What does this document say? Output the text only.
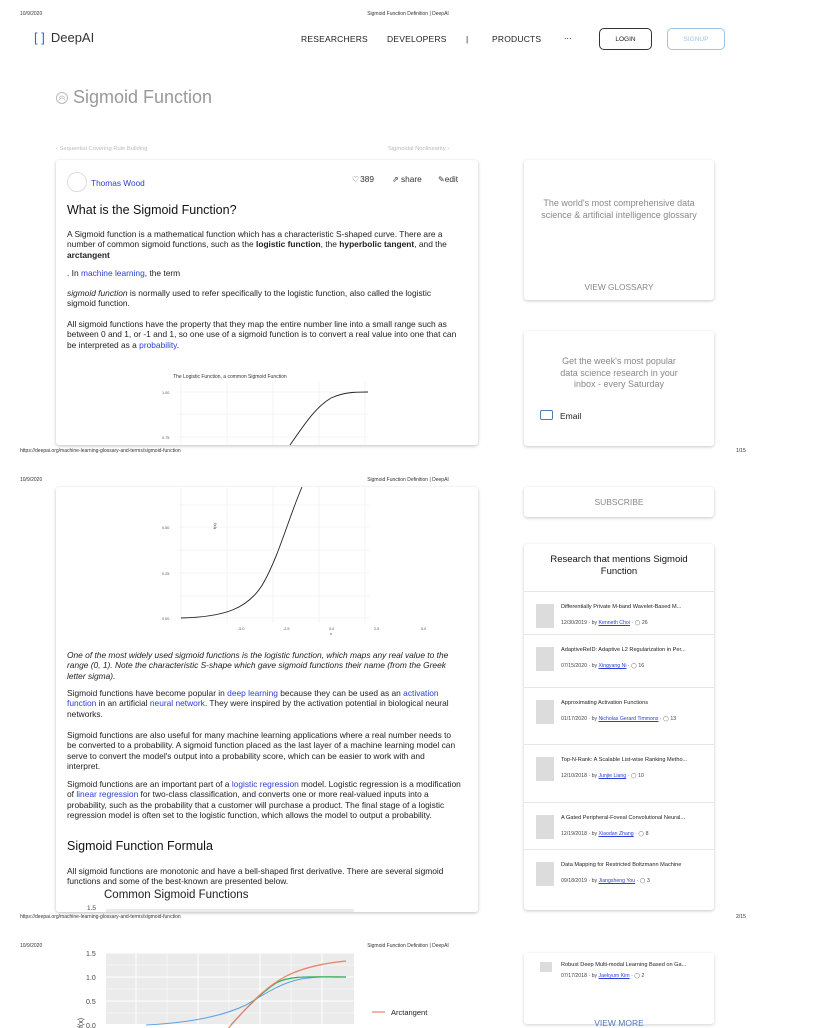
10/9/2020	Sigmoid Function Definition | DeepAI
[ ] DeepAI	RESEARCHERS DEVELOPERS |	PRODUCTS	...	LOGIN	SIGNUP
Sigmoid Function
‹ Sequential Covering Rule Building	Sigmoidal Nonlinearity ›
Thomas Wood	♡ 389 ⇗ share ✎edit
What is the Sigmoid Function?
A Sigmoid function is a mathematical function which has a characteristic S-shaped curve. There are a number of common sigmoid functions, such as the logistic function, the hyperbolic tangent, and the arctangent
. In machine learning, the term
sigmoid function is normally used to refer specifically to the logistic function, also called the logistic sigmoid function.
All sigmoid functions have the property that they map the entire number line into a small range such as between 0 and 1, or -1 and 1, so one use of a sigmoid function is to convert a real value into one that can be interpreted as a probability.
The Logistic Function, a common Sigmoid Function
1.00
0.75
The world's most comprehensive data science & artificial intelligence glossary
VIEW GLOSSARY
Get the week's most popular data science research in your inbox - every Saturday
Email
https://deepai.org/machine-learning-glossary-and-terms/sigmoid-function	1/15
10/9/2020	Sigmoid Function Definition | DeepAI
0.50
0.25
0.00
f(x)
-5.0	-2.5	0.0	2.5	5.0
x
One of the most widely used sigmoid functions is the logistic function, which maps any real value to the range (0, 1). Note the characteristic S-shape which gave sigmoid functions their name (from the Greek letter sigma).
Sigmoid functions have become popular in deep learning because they can be used as an activation function in an artificial neural network. They were inspired by the activation potential in biological neural networks.
Sigmoid functions are also useful for many machine learning applications where a real number needs to be converted to a probability. A sigmoid function placed as the last layer of a machine learning model can serve to convert the model's output into a probability score, which can be easier to work with and interpret.
Sigmoid functions are an important part of a logistic regression model. Logistic regression is a modification of linear regression for two-class classification, and converts one or more real-valued inputs into a probability, such as the probability that a customer will purchase a product. The final stage of a logistic regression model is often set to the logistic function, which allows the model to output a probability.
Sigmoid Function Formula
All sigmoid functions are monotonic and have a bell-shaped first derivative. There are several sigmoid functions and some of the best-known are presented below.
Common Sigmoid Functions
1.5
SUBSCRIBE
Research that mentions Sigmoid Function
Differentially Private M-band Wavelet-Based M...
12/30/2019 · by Kenneth Choi · ◯ 26
AdaptiveReID: Adaptive L2 Regularization in Per...
07/15/2020 · by Xingyang Ni · ◯ 16
Approximating Activation Functions
01/17/2020 · by Nicholas Gerard Timmons · ◯ 13
Top-N-Rank: A Scalable List-wise Ranking Metho...
12/10/2018 · by Junjie Liang · ◯ 10
A Gated Peripheral-Foveal Convolutional Neural...
12/19/2018 · by Xiaodan Zhang · ◯ 8
Data Mapping for Restricted Boltzmann Machine
09/18/2019 · by Jiangsheng You · ◯ 3
https://deepai.org/machine-learning-glossary-and-terms/sigmoid-function	2/15
10/9/2020	Sigmoid Function Definition | DeepAI
1.5
1.0
0.5
0.0
f(x)
Arctangent
Robust Deep Multi-modal Learning Based on Ga...
07/17/2018 · by Jaekyum Kim · ◯ 2
VIEW MORE
